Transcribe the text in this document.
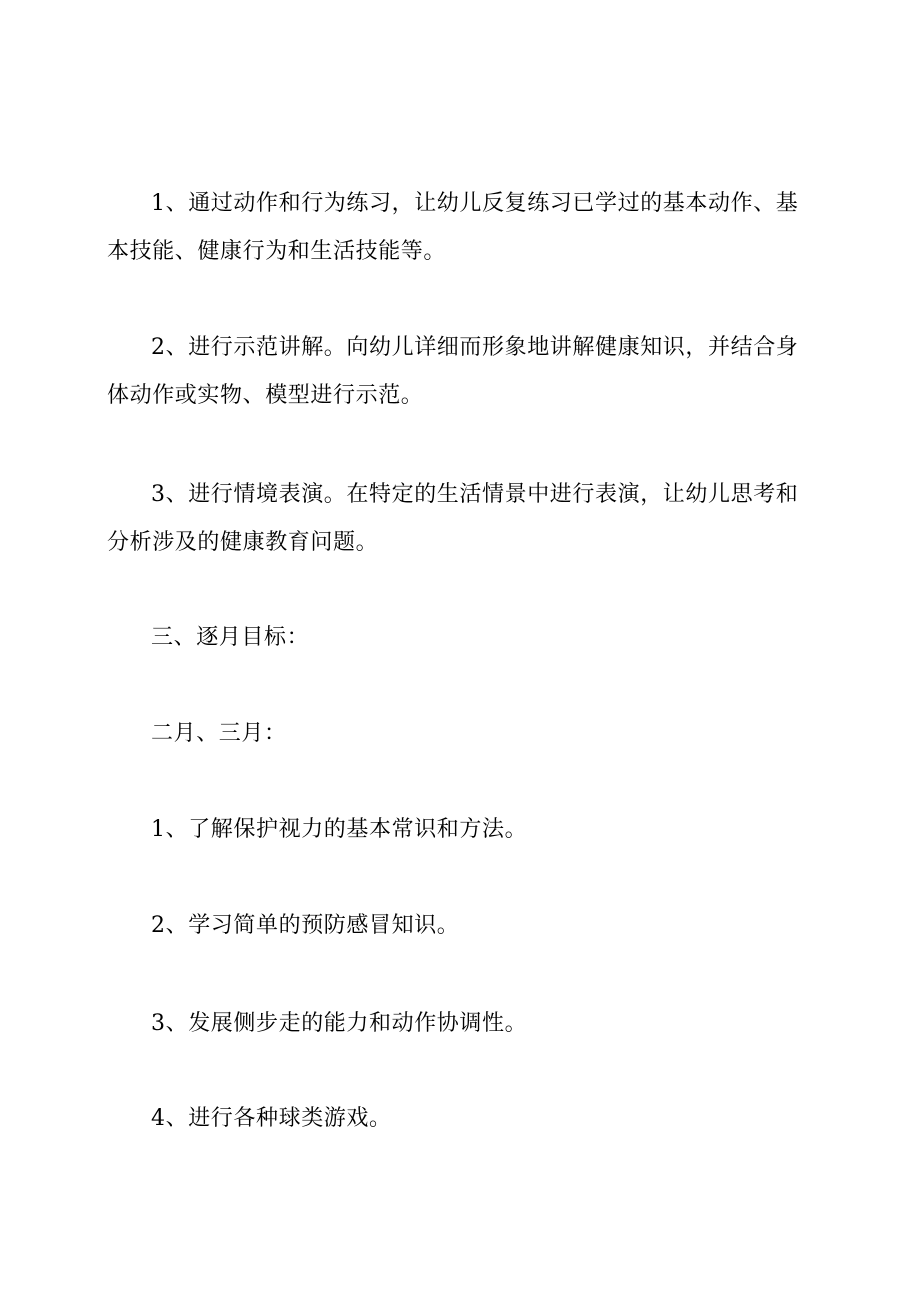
1、通过动作和行为练习，让幼儿反复练习已学过的基本动作、基本技能、健康行为和生活技能等。

2、进行示范讲解。向幼儿详细而形象地讲解健康知识，并结合身体动作或实物、模型进行示范。

3、进行情境表演。在特定的生活情景中进行表演，让幼儿思考和分析涉及的健康教育问题。

三、逐月目标：

二月、三月：

1、了解保护视力的基本常识和方法。

2、学习简单的预防感冒知识。

3、发展侧步走的能力和动作协调性。

4、进行各种球类游戏。
